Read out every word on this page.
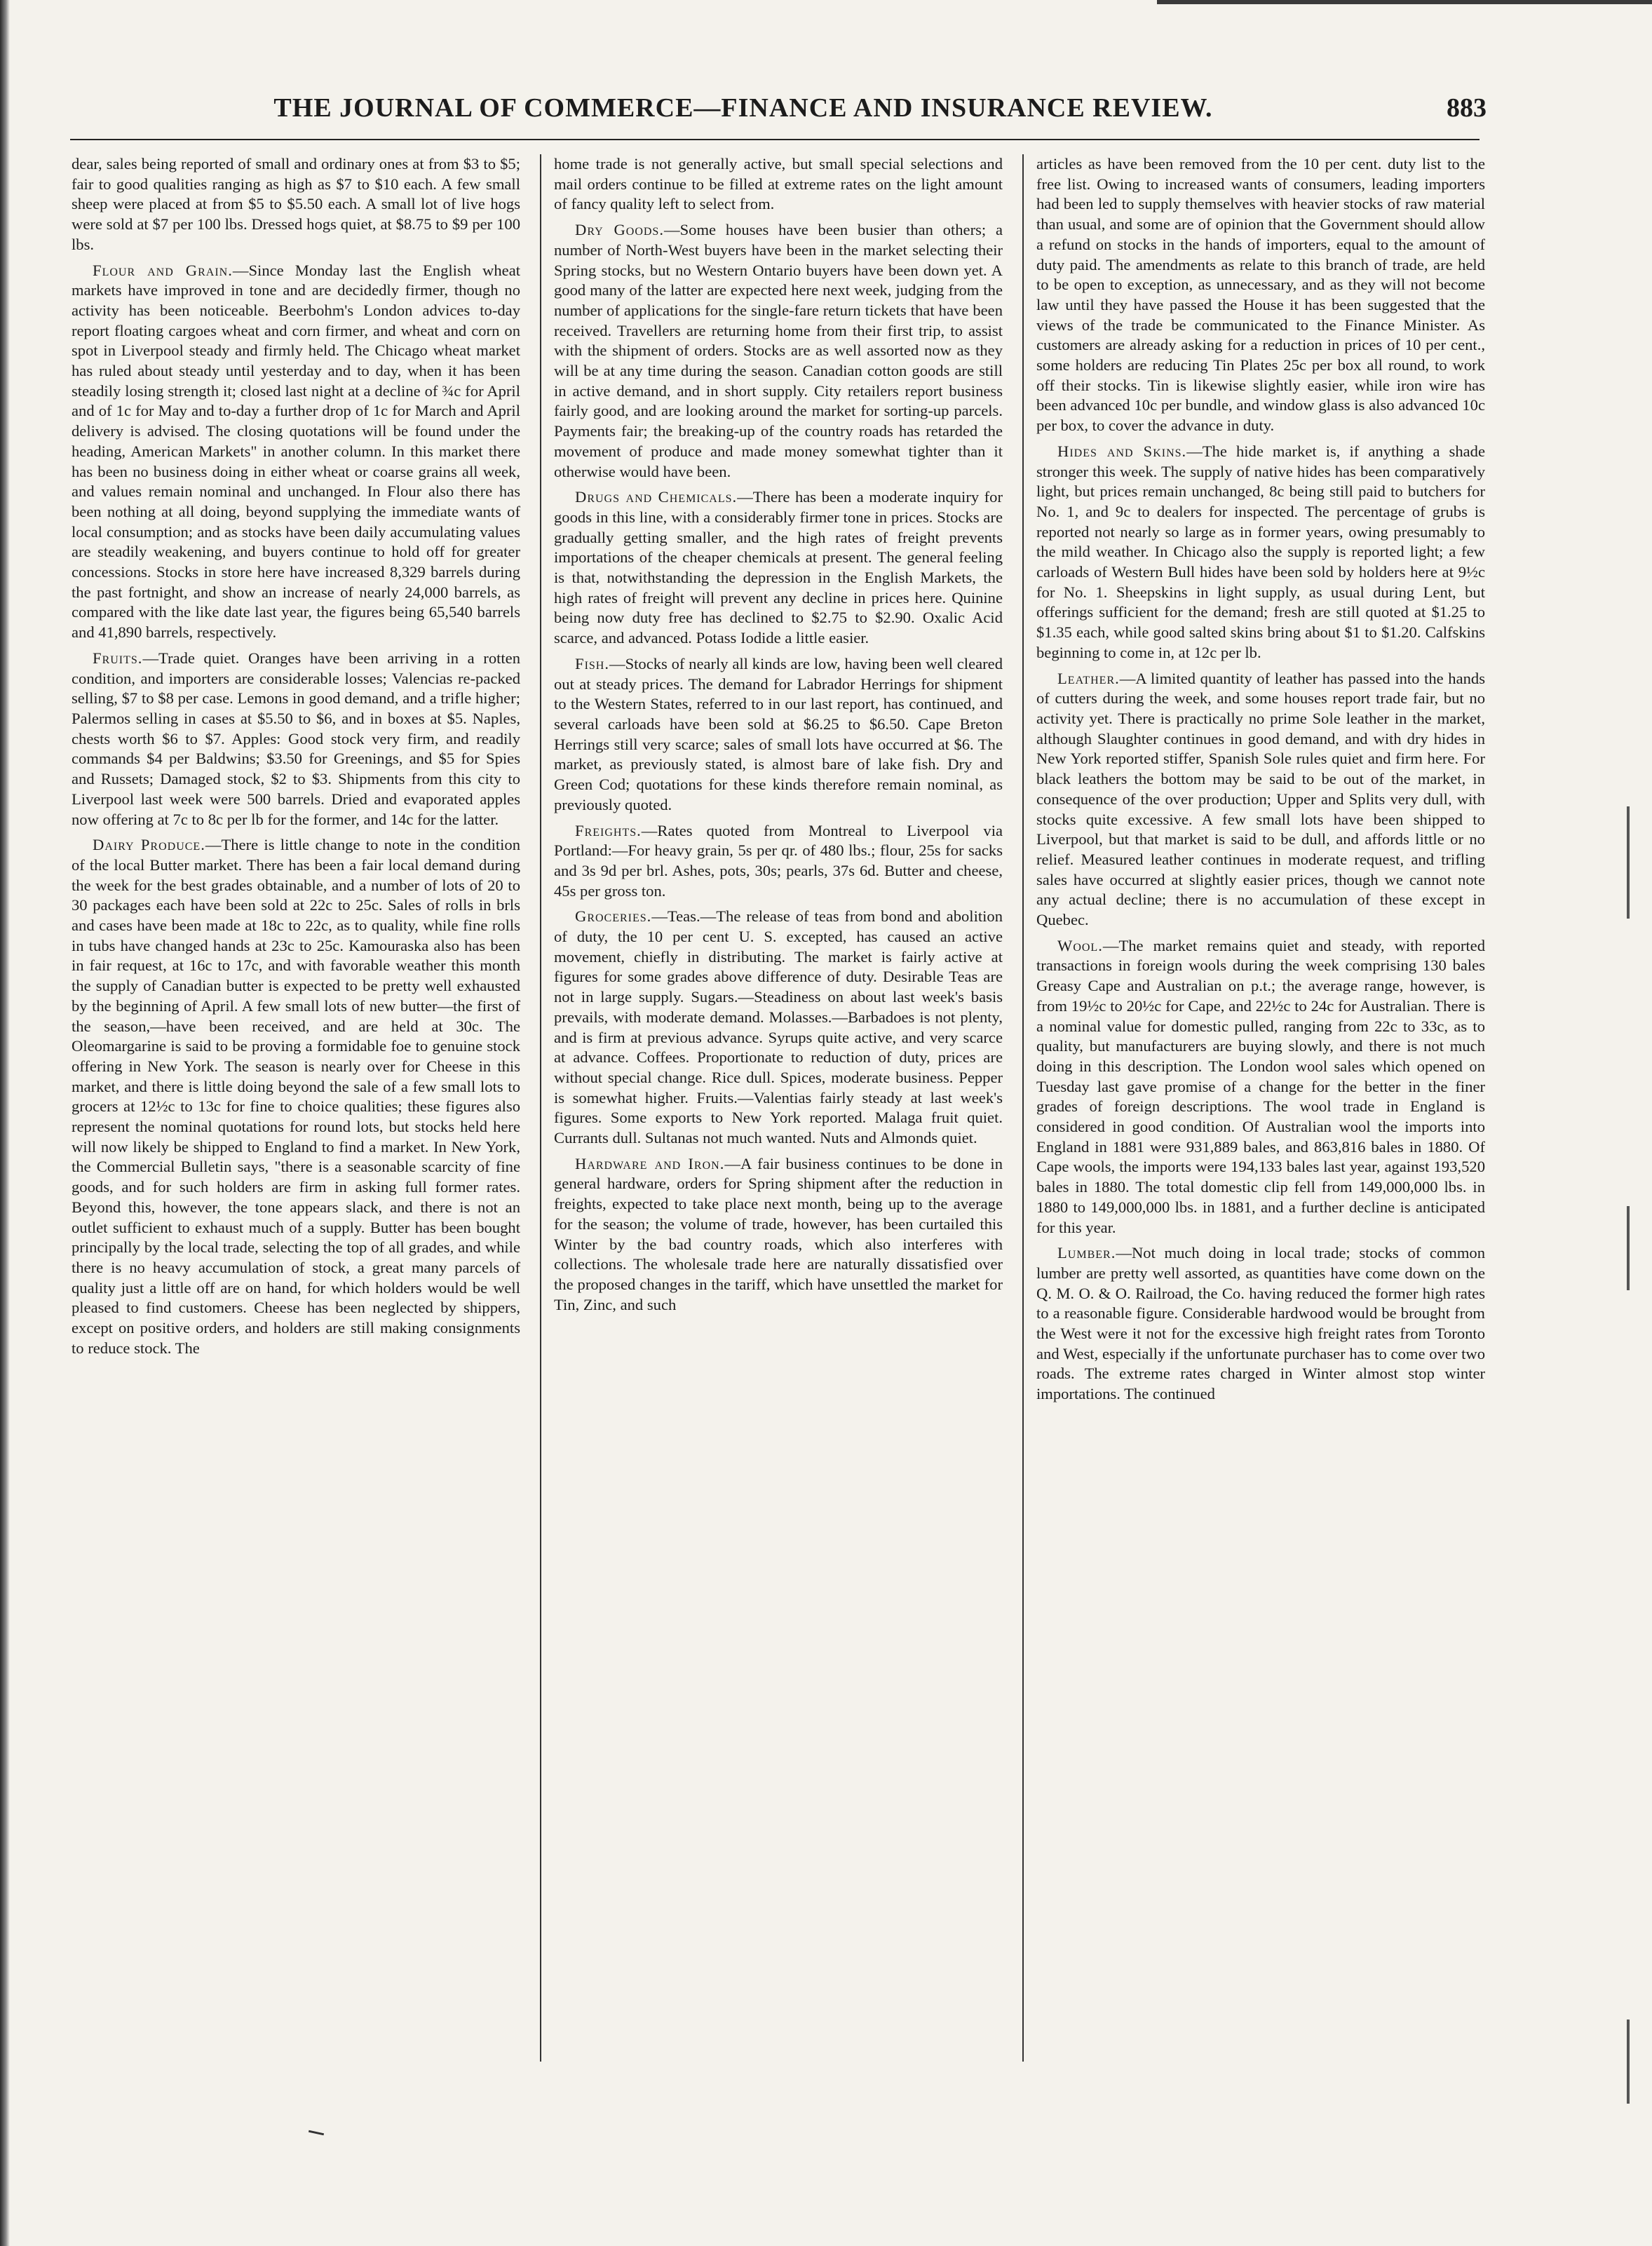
THE JOURNAL OF COMMERCE—FINANCE AND INSURANCE REVIEW.	883

dear, sales being reported of small and ordinary ones at from $3 to $5; fair to good qualities ranging as high as $7 to $10 each. A few small sheep were placed at from $5 to $5.50 each. A small lot of live hogs were sold at $7 per 100 lbs. Dressed hogs quiet, at $8.75 to $9 per 100 lbs.

Flour and Grain.—Since Monday last the English wheat markets have improved in tone and are decidedly firmer, though no activity has been noticeable. Beerbohm's London advices to-day report floating cargoes wheat and corn firmer, and wheat and corn on spot in Liverpool steady and firmly held. The Chicago wheat market has ruled about steady until yesterday and to day, when it has been steadily losing strength it; closed last night at a decline of ¾c for April and of 1c for May and to-day a further drop of 1c for March and April delivery is advised. The closing quotations will be found under the heading, American Markets" in another column. In this market there has been no business doing in either wheat or coarse grains all week, and values remain nominal and unchanged. In Flour also there has been nothing at all doing, beyond supplying the immediate wants of local consumption; and as stocks have been daily accumulating values are steadily weakening, and buyers continue to hold off for greater concessions. Stocks in store here have increased 8,329 barrels during the past fortnight, and show an increase of nearly 24,000 barrels, as compared with the like date last year, the figures being 65,540 barrels and 41,890 barrels, respectively.

Fruits.—Trade quiet. Oranges have been arriving in a rotten condition, and importers are considerable losses; Valencias re-packed selling, $7 to $8 per case. Lemons in good demand, and a trifle higher; Palermos selling in cases at $5.50 to $6, and in boxes at $5. Naples, chests worth $6 to $7. Apples: Good stock very firm, and readily commands $4 per Baldwins; $3.50 for Greenings, and $5 for Spies and Russets; Damaged stock, $2 to $3. Shipments from this city to Liverpool last week were 500 barrels. Dried and evaporated apples now offering at 7c to 8c per lb for the former, and 14c for the latter.

Dairy Produce.—There is little change to note in the condition of the local Butter market. There has been a fair local demand during the week for the best grades obtainable, and a number of lots of 20 to 30 packages each have been sold at 22c to 25c. Sales of rolls in brls and cases have been made at 18c to 22c, as to quality, while fine rolls in tubs have changed hands at 23c to 25c. Kamouraska also has been in fair request, at 16c to 17c, and with favorable weather this month the supply of Canadian butter is expected to be pretty well exhausted by the beginning of April. A few small lots of new butter—the first of the season,—have been received, and are held at 30c. The Oleomargarine is said to be proving a formidable foe to genuine stock offering in New York. The season is nearly over for Cheese in this market, and there is little doing beyond the sale of a few small lots to grocers at 12½c to 13c for fine to choice qualities; these figures also represent the nominal quotations for round lots, but stocks held here will now likely be shipped to England to find a market. In New York, the Commercial Bulletin says, "there is a seasonable scarcity of fine goods, and for such holders are firm in asking full former rates. Beyond this, however, the tone appears slack, and there is not an outlet sufficient to exhaust much of a supply. Butter has been bought principally by the local trade, selecting the top of all grades, and while there is no heavy accumulation of stock, a great many parcels of quality just a little off are on hand, for which holders would be well pleased to find customers. Cheese has been neglected by shippers, except on positive orders, and holders are still making consignments to reduce stock. The

home trade is not generally active, but small special selections and mail orders continue to be filled at extreme rates on the light amount of fancy quality left to select from.

Dry Goods.—Some houses have been busier than others; a number of North-West buyers have been in the market selecting their Spring stocks, but no Western Ontario buyers have been down yet. A good many of the latter are expected here next week, judging from the number of applications for the single-fare return tickets that have been received. Travellers are returning home from their first trip, to assist with the shipment of orders. Stocks are as well assorted now as they will be at any time during the season. Canadian cotton goods are still in active demand, and in short supply. City retailers report business fairly good, and are looking around the market for sorting-up parcels. Payments fair; the breaking-up of the country roads has retarded the movement of produce and made money somewhat tighter than it otherwise would have been.

Drugs and Chemicals.—There has been a moderate inquiry for goods in this line, with a considerably firmer tone in prices. Stocks are gradually getting smaller, and the high rates of freight prevents importations of the cheaper chemicals at present. The general feeling is that, notwithstanding the depression in the English Markets, the high rates of freight will prevent any decline in prices here. Quinine being now duty free has declined to $2.75 to $2.90. Oxalic Acid scarce, and advanced. Potass Iodide a little easier.

Fish.—Stocks of nearly all kinds are low, having been well cleared out at steady prices. The demand for Labrador Herrings for shipment to the Western States, referred to in our last report, has continued, and several carloads have been sold at $6.25 to $6.50. Cape Breton Herrings still very scarce; sales of small lots have occurred at $6. The market, as previously stated, is almost bare of lake fish. Dry and Green Cod; quotations for these kinds therefore remain nominal, as previously quoted.

Freights.—Rates quoted from Montreal to Liverpool via Portland:—For heavy grain, 5s per qr. of 480 lbs.; flour, 25s for sacks and 3s 9d per brl. Ashes, pots, 30s; pearls, 37s 6d. Butter and cheese, 45s per gross ton.

Groceries.—Teas.—The release of teas from bond and abolition of duty, the 10 per cent U. S. excepted, has caused an active movement, chiefly in distributing. The market is fairly active at figures for some grades above difference of duty. Desirable Teas are not in large supply. Sugars.—Steadiness on about last week's basis prevails, with moderate demand. Molasses.—Barbadoes is not plenty, and is firm at previous advance. Syrups quite active, and very scarce at advance. Coffees. Proportionate to reduction of duty, prices are without special change. Rice dull. Spices, moderate business. Pepper is somewhat higher. Fruits.—Valentias fairly steady at last week's figures. Some exports to New York reported. Malaga fruit quiet. Currants dull. Sultanas not much wanted. Nuts and Almonds quiet.

Hardware and Iron.—A fair business continues to be done in general hardware, orders for Spring shipment after the reduction in freights, expected to take place next month, being up to the average for the season; the volume of trade, however, has been curtailed this Winter by the bad country roads, which also interferes with collections. The wholesale trade here are naturally dissatisfied over the proposed changes in the tariff, which have unsettled the market for Tin, Zinc, and such

articles as have been removed from the 10 per cent. duty list to the free list. Owing to increased wants of consumers, leading importers had been led to supply themselves with heavier stocks of raw material than usual, and some are of opinion that the Government should allow a refund on stocks in the hands of importers, equal to the amount of duty paid. The amendments as relate to this branch of trade, are held to be open to exception, as unnecessary, and as they will not become law until they have passed the House it has been suggested that the views of the trade be communicated to the Finance Minister. As customers are already asking for a reduction in prices of 10 per cent., some holders are reducing Tin Plates 25c per box all round, to work off their stocks. Tin is likewise slightly easier, while iron wire has been advanced 10c per bundle, and window glass is also advanced 10c per box, to cover the advance in duty.

Hides and Skins.—The hide market is, if anything a shade stronger this week. The supply of native hides has been comparatively light, but prices remain unchanged, 8c being still paid to butchers for No. 1, and 9c to dealers for inspected. The percentage of grubs is reported not nearly so large as in former years, owing presumably to the mild weather. In Chicago also the supply is reported light; a few carloads of Western Bull hides have been sold by holders here at 9½c for No. 1. Sheepskins in light supply, as usual during Lent, but offerings sufficient for the demand; fresh are still quoted at $1.25 to $1.35 each, while good salted skins bring about $1 to $1.20. Calfskins beginning to come in, at 12c per lb.

Leather.—A limited quantity of leather has passed into the hands of cutters during the week, and some houses report trade fair, but no activity yet. There is practically no prime Sole leather in the market, although Slaughter continues in good demand, and with dry hides in New York reported stiffer, Spanish Sole rules quiet and firm here. For black leathers the bottom may be said to be out of the market, in consequence of the over production; Upper and Splits very dull, with stocks quite excessive. A few small lots have been shipped to Liverpool, but that market is said to be dull, and affords little or no relief. Measured leather continues in moderate request, and trifling sales have occurred at slightly easier prices, though we cannot note any actual decline; there is no accumulation of these except in Quebec.

Wool.—The market remains quiet and steady, with reported transactions in foreign wools during the week comprising 130 bales Greasy Cape and Australian on p.t.; the average range, however, is from 19½c to 20½c for Cape, and 22½c to 24c for Australian. There is a nominal value for domestic pulled, ranging from 22c to 33c, as to quality, but manufacturers are buying slowly, and there is not much doing in this description. The London wool sales which opened on Tuesday last gave promise of a change for the better in the finer grades of foreign descriptions. The wool trade in England is considered in good condition. Of Australian wool the imports into England in 1881 were 931,889 bales, and 863,816 bales in 1880. Of Cape wools, the imports were 194,133 bales last year, against 193,520 bales in 1880. The total domestic clip fell from 149,000,000 lbs. in 1880 to 149,000,000 lbs. in 1881, and a further decline is anticipated for this year.

Lumber.—Not much doing in local trade; stocks of common lumber are pretty well assorted, as quantities have come down on the Q. M. O. & O. Railroad, the Co. having reduced the former high rates to a reasonable figure. Considerable hardwood would be brought from the West were it not for the excessive high freight rates from Toronto and West, especially if the unfortunate purchaser has to come over two roads. The extreme rates charged in Winter almost stop winter importations. The continued
